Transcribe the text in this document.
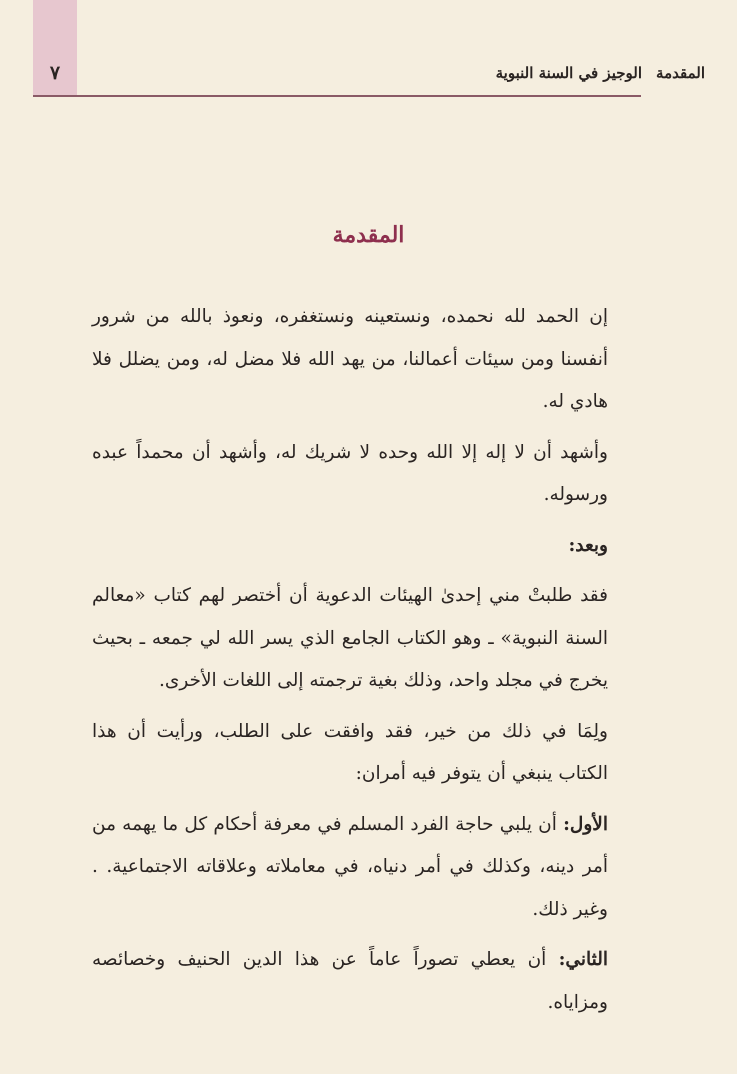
٧	الوجيز في السنة النبوية المقدمة
المقدمة

إن الحمد لله نحمده، ونستعينه ونستغفره، ونعوذ بالله من شرور أنفسنا ومن سيئات أعمالنا، من يهد الله فلا مضل له، ومن يضلل فلا هادي له.

وأشهد أن لا إله إلا الله وحده لا شريك له، وأشهد أن محمداً عبده ورسوله.

وبعد:

فقد طلبتْ مني إحدىٰ الهيئات الدعوية أن أختصر لهم كتاب «معالم السنة النبوية» ـ وهو الكتاب الجامع الذي يسر الله لي جمعه ـ بحيث يخرج في مجلد واحد، وذلك بغية ترجمته إلى اللغات الأخرى.

ولِمَا في ذلك من خير، فقد وافقت على الطلب، ورأيت أن هذا الكتاب ينبغي أن يتوفر فيه أمران:

الأول: أن يلبي حاجة الفرد المسلم في معرفة أحكام كل ما يهمه من أمر دينه، وكذلك في أمر دنياه، في معاملاته وعلاقاته الاجتماعية. . وغير ذلك.

الثاني: أن يعطي تصوراً عاماً عن هذا الدين الحنيف وخصائصه ومزاياه.
